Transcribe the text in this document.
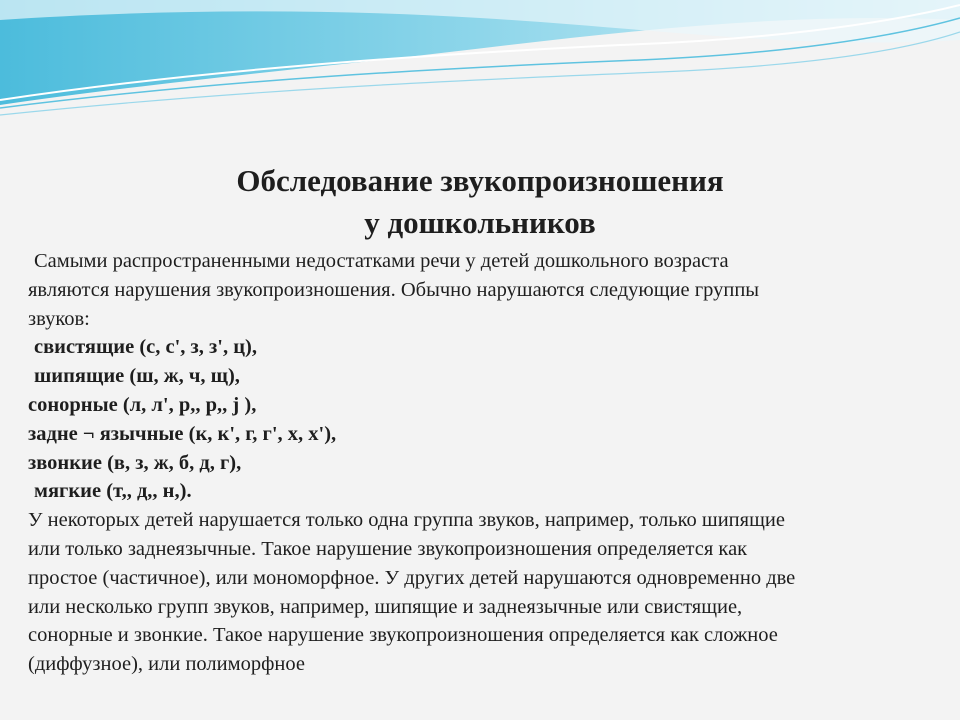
Обследование звукопроизношения
у дошкольников

Самыми распространенными недостатками речи у детей дошкольного возраста

являются нарушения звукопроизношения. Обычно нарушаются следующие группы

звуков:

свистящие (с, с', з, з', ц),

шипящие (ш, ж, ч, щ),

сонорные (л, л', р,, р,, j ),

задне ¬ язычные (к, к', г, г', х, х'),

звонкие (в, з, ж, б, д, г),

мягкие (т,, д,, н,).

У некоторых детей нарушается только одна группа звуков, например, только шипящие

или только заднеязычные. Такое нарушение звукопроизношения определяется как

простое (частичное), или мономорфное. У других детей нарушаются одновременно две

или несколько групп звуков, например, шипящие и заднеязычные или свистящие,

сонорные и звонкие. Такое нарушение звукопроизношения определяется как сложное

(диффузное), или полиморфное
